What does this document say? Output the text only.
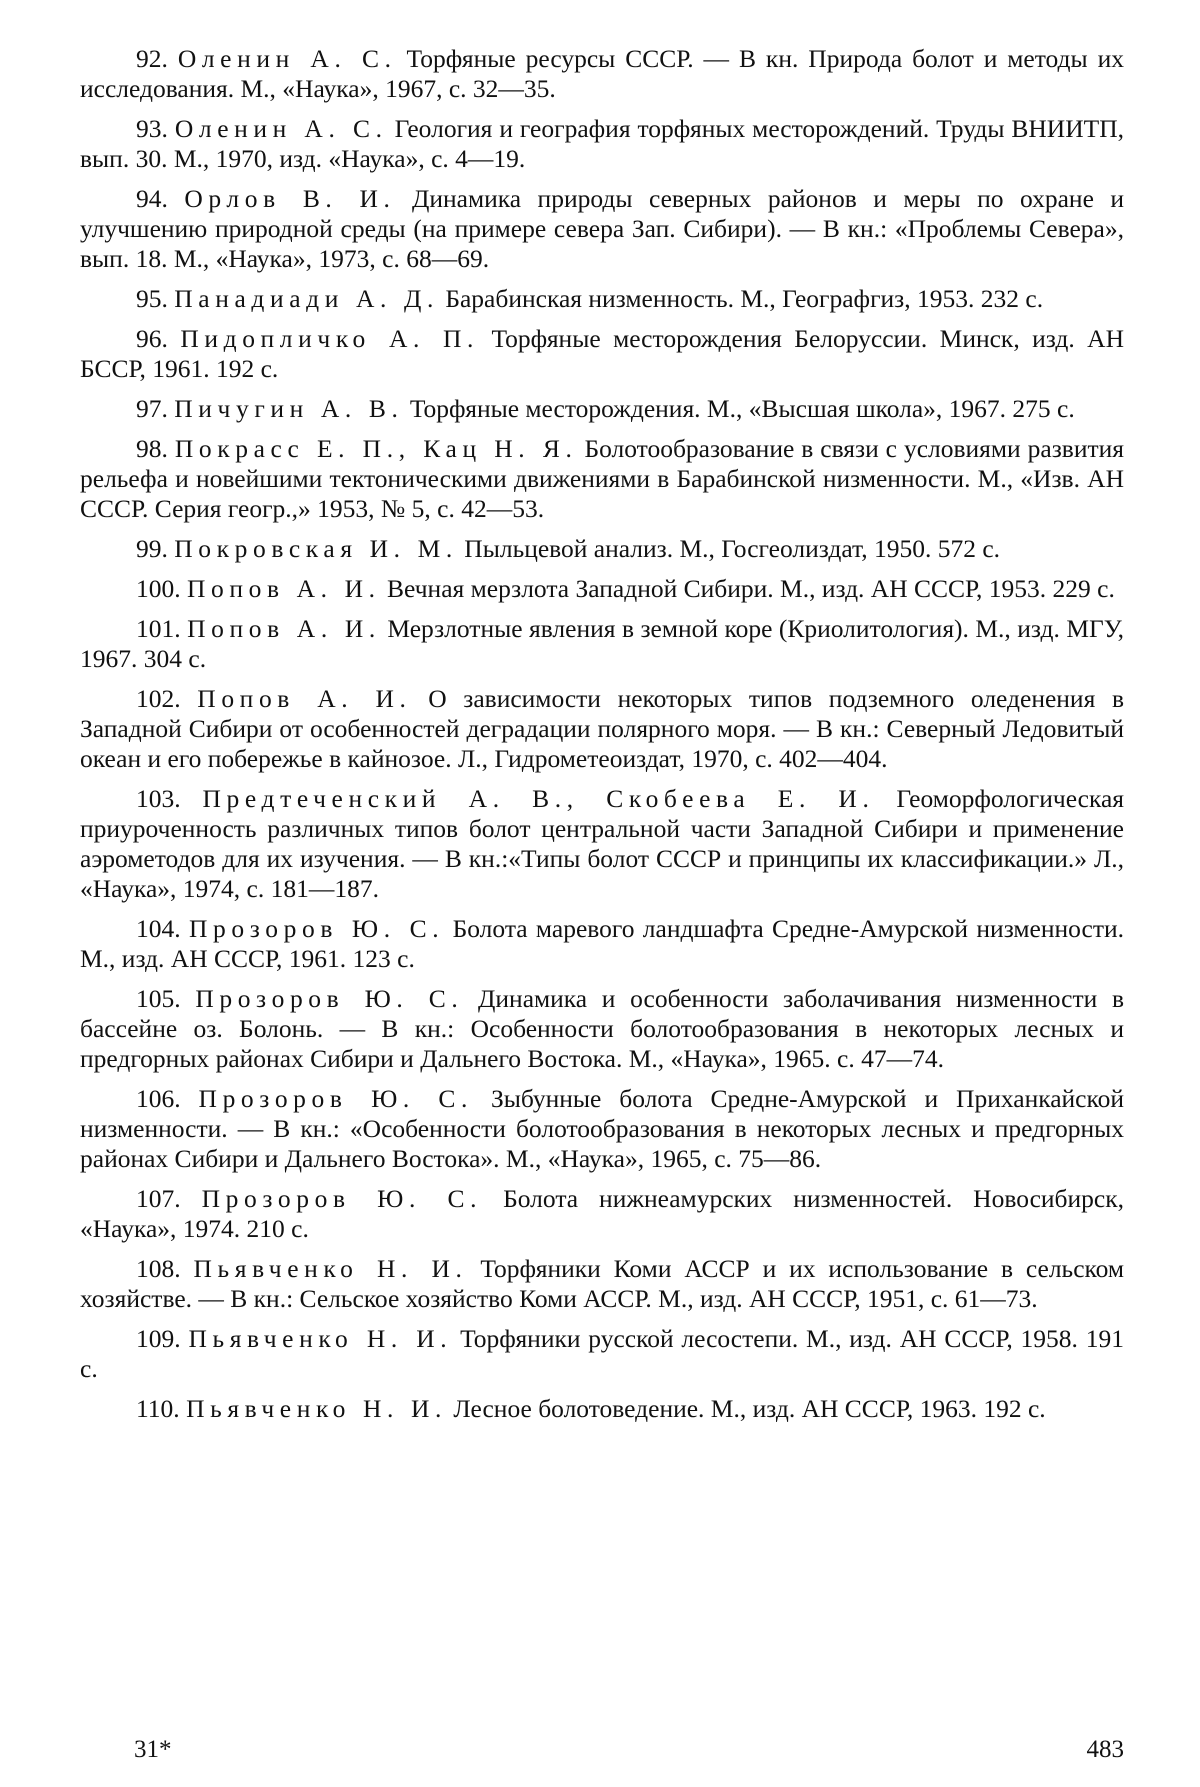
92. Оленин А. С. Торфяные ресурсы СССР. — В кн. Природа болот и методы их исследования. М., «Наука», 1967, с. 32—35.

93. Оленин А. С. Геология и география торфяных месторождений. Труды ВНИИТП, вып. 30. М., 1970, изд. «Наука», с. 4—19.

94. Орлов В. И. Динамика природы северных районов и меры по охране и улучшению природной среды (на примере севера Зап. Сибири). — В кн.: «Проблемы Севера», вып. 18. М., «Наука», 1973, с. 68—69.

95. Панадиади А. Д. Барабинская низменность. М., Географгиз, 1953. 232 с.

96. Пидопличко А. П. Торфяные месторождения Белоруссии. Минск, изд. АН БССР, 1961. 192 с.

97. Пичугин А. В. Торфяные месторождения. М., «Высшая школа», 1967. 275 с.

98. Покрасс Е. П., Кац Н. Я. Болотообразование в связи с условиями развития рельефа и новейшими тектоническими движениями в Барабинской низменности. М., «Изв. АН СССР. Серия геогр.,» 1953, № 5, с. 42—53.

99. Покровская И. М. Пыльцевой анализ. М., Госгеолиздат, 1950. 572 с.

100. Попов А. И. Вечная мерзлота Западной Сибири. М., изд. АН СССР, 1953. 229 с.

101. Попов А. И. Мерзлотные явления в земной коре (Криолитология). М., изд. МГУ, 1967. 304 с.

102. Попов А. И. О зависимости некоторых типов подземного оледенения в Западной Сибири от особенностей деградации полярного моря. — В кн.: Северный Ледовитый океан и его побережье в кайнозое. Л., Гидрометеоиздат, 1970, с. 402—404.

103. Предтеченский А. В., Скобеева Е. И. Геоморфологическая приуроченность различных типов болот центральной части Западной Сибири и применение аэрометодов для их изучения. — В кн.:«Типы болот СССР и принципы их классификации.» Л., «Наука», 1974, с. 181—187.

104. Прозоров Ю. С. Болота маревого ландшафта Средне-Амурской низменности. М., изд. АН СССР, 1961. 123 с.

105. Прозоров Ю. С. Динамика и особенности заболачивания низменности в бассейне оз. Болонь. — В кн.: Особенности болотообразования в некоторых лесных и предгорных районах Сибири и Дальнего Востока. М., «Наука», 1965. с. 47—74.

106. Прозоров Ю. С. Зыбунные болота Средне-Амурской и Приханкайской низменности. — В кн.: «Особенности болотообразования в некоторых лесных и предгорных районах Сибири и Дальнего Востока». М., «Наука», 1965, с. 75—86.

107. Прозоров Ю. С. Болота нижнеамурских низменностей. Новосибирск, «Наука», 1974. 210 с.

108. Пьявченко Н. И. Торфяники Коми АССР и их использование в сельском хозяйстве. — В кн.: Сельское хозяйство Коми АССР. М., изд. АН СССР, 1951, с. 61—73.

109. Пьявченко Н. И. Торфяники русской лесостепи. М., изд. АН СССР, 1958. 191 с.

110. Пьявченко Н. И. Лесное болотоведение. М., изд. АН СССР, 1963. 192 с.

31*	483
